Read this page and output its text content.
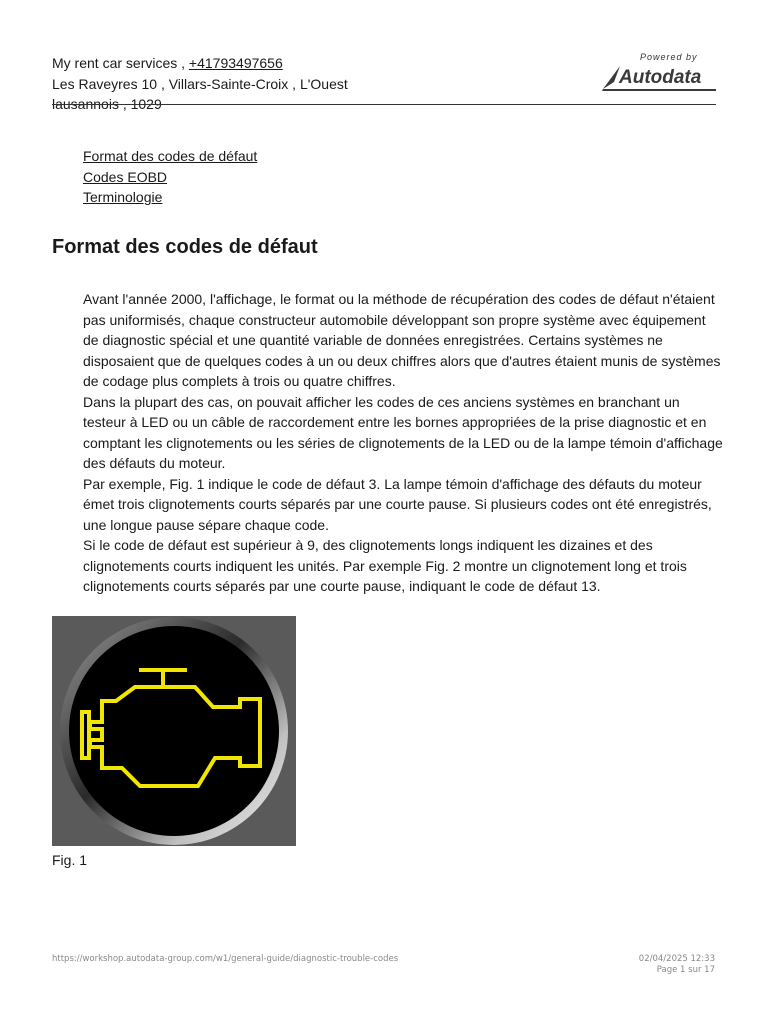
My rent car services , +41793497656
Les Raveyres 10 , Villars-Sainte-Croix , L'Ouest
lausannois , 1029
Powered by
Autodata
Format des codes de défaut
Codes EOBD
Terminologie
Format des codes de défaut

Avant l'année 2000, l'affichage, le format ou la méthode de récupération des codes de défaut n'étaient pas uniformisés, chaque constructeur automobile développant son propre système avec équipement de diagnostic spécial et une quantité variable de données enregistrées. Certains systèmes ne disposaient que de quelques codes à un ou deux chiffres alors que d'autres étaient munis de systèmes de codage plus complets à trois ou quatre chiffres.

Dans la plupart des cas, on pouvait afficher les codes de ces anciens systèmes en branchant un testeur à LED ou un câble de raccordement entre les bornes appropriées de la prise diagnostic et en comptant les clignotements ou les séries de clignotements de la LED ou de la lampe témoin d'affichage des défauts du moteur.

Par exemple, Fig. 1 indique le code de défaut 3. La lampe témoin d'affichage des défauts du moteur émet trois clignotements courts séparés par une courte pause. Si plusieurs codes ont été enregistrés, une longue pause sépare chaque code.

Si le code de défaut est supérieur à 9, des clignotements longs indiquent les dizaines et des clignotements courts indiquent les unités. Par exemple Fig. 2 montre un clignotement long et trois clignotements courts séparés par une courte pause, indiquant le code de défaut 13.

Fig. 1
https://workshop.autodata-group.com/w1/general-guide/diagnostic-trouble-codes	02/04/2025 12:33
Page 1 sur 17
